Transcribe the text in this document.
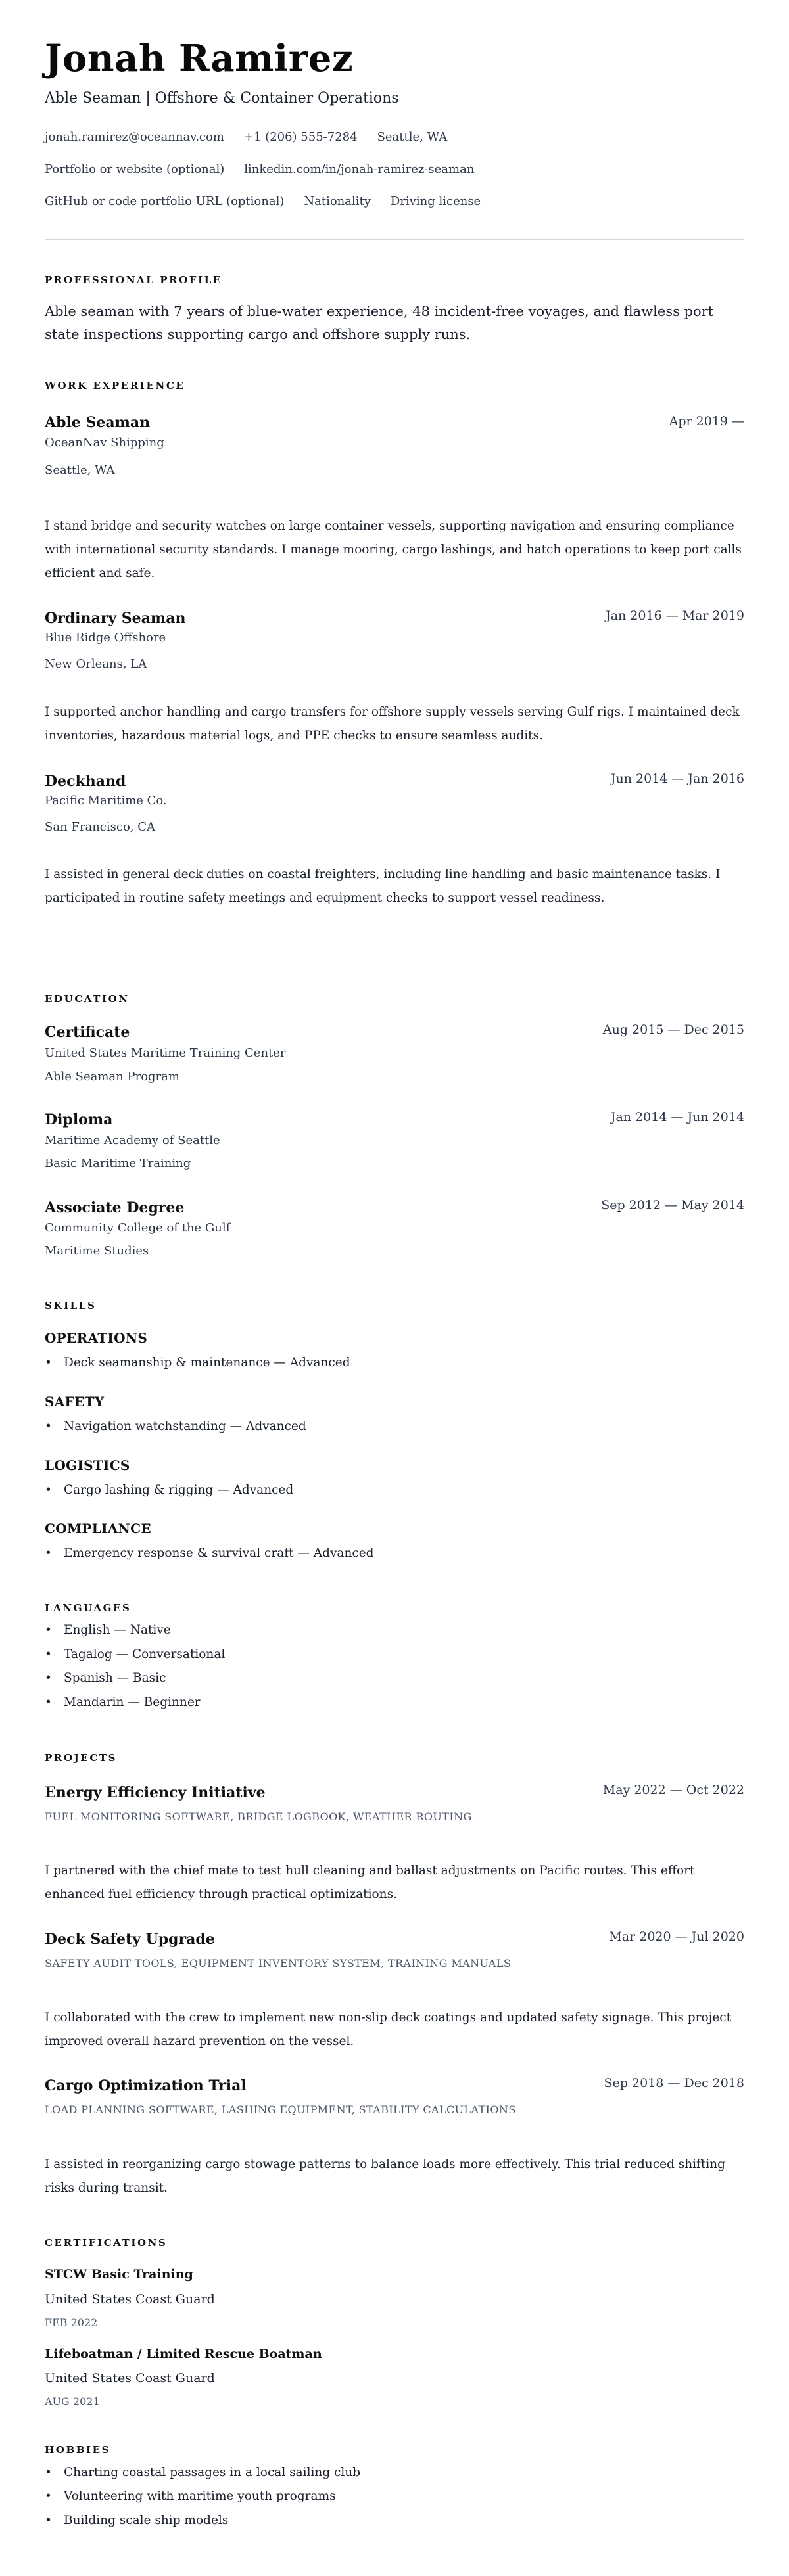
Jonah Ramirez
Able Seaman | Offshore & Container Operations
jonah.ramirez@oceannav.com +1 (206) 555-7284 Seattle, WA
Portfolio or website (optional) linkedin.com/in/jonah-ramirez-seaman
GitHub or code portfolio URL (optional) Nationality Driving license
PROFESSIONAL PROFILE
Able seaman with 7 years of blue-water experience, 48 incident-free voyages, and flawless port state inspections supporting cargo and offshore supply runs.
WORK EXPERIENCE
Able Seaman	Apr 2019 —
OceanNav Shipping
Seattle, WA
I stand bridge and security watches on large container vessels, supporting navigation and ensuring compliance with international security standards. I manage mooring, cargo lashings, and hatch operations to keep port calls efficient and safe.
Ordinary Seaman	Jan 2016 — Mar 2019
Blue Ridge Offshore
New Orleans, LA
I supported anchor handling and cargo transfers for offshore supply vessels serving Gulf rigs. I maintained deck inventories, hazardous material logs, and PPE checks to ensure seamless audits.
Deckhand	Jun 2014 — Jan 2016
Pacific Maritime Co.
San Francisco, CA
I assisted in general deck duties on coastal freighters, including line handling and basic maintenance tasks. I participated in routine safety meetings and equipment checks to support vessel readiness.
EDUCATION
Certificate	Aug 2015 — Dec 2015
United States Maritime Training Center
Able Seaman Program
Diploma	Jan 2014 — Jun 2014
Maritime Academy of Seattle
Basic Maritime Training
Associate Degree	Sep 2012 — May 2014
Community College of the Gulf
Maritime Studies
SKILLS
OPERATIONS
• Deck seamanship & maintenance — Advanced
SAFETY
• Navigation watchstanding — Advanced
LOGISTICS
• Cargo lashing & rigging — Advanced
COMPLIANCE
• Emergency response & survival craft — Advanced
LANGUAGES
• English — Native
• Tagalog — Conversational
• Spanish — Basic
• Mandarin — Beginner
PROJECTS
Energy Efficiency Initiative	May 2022 — Oct 2022
FUEL MONITORING SOFTWARE, BRIDGE LOGBOOK, WEATHER ROUTING
I partnered with the chief mate to test hull cleaning and ballast adjustments on Pacific routes. This effort enhanced fuel efficiency through practical optimizations.
Deck Safety Upgrade	Mar 2020 — Jul 2020
SAFETY AUDIT TOOLS, EQUIPMENT INVENTORY SYSTEM, TRAINING MANUALS
I collaborated with the crew to implement new non-slip deck coatings and updated safety signage. This project improved overall hazard prevention on the vessel.
Cargo Optimization Trial	Sep 2018 — Dec 2018
LOAD PLANNING SOFTWARE, LASHING EQUIPMENT, STABILITY CALCULATIONS
I assisted in reorganizing cargo stowage patterns to balance loads more effectively. This trial reduced shifting risks during transit.
CERTIFICATIONS
STCW Basic Training
United States Coast Guard
FEB 2022
Lifeboatman / Limited Rescue Boatman
United States Coast Guard
AUG 2021
HOBBIES
• Charting coastal passages in a local sailing club
• Volunteering with maritime youth programs
• Building scale ship models
